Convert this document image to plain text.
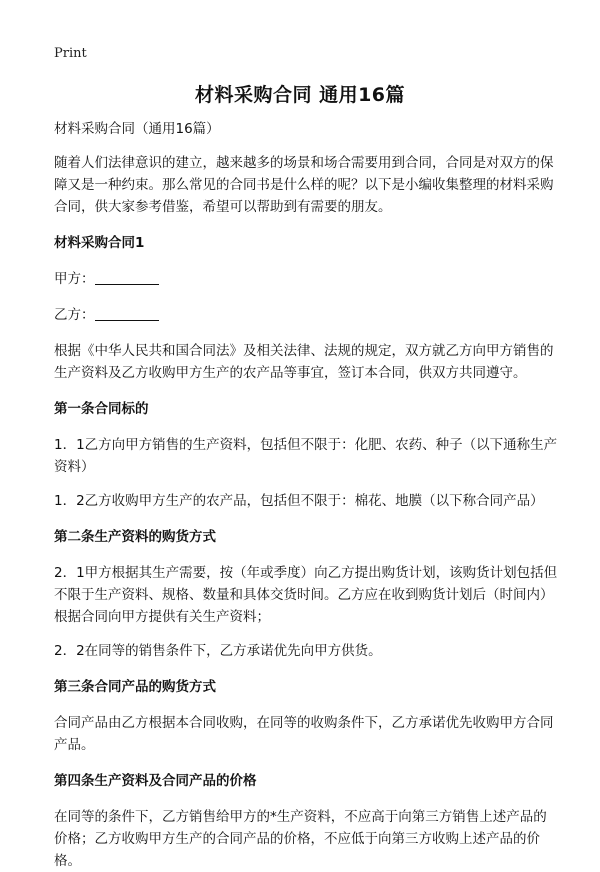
Print
材料采购合同 通用16篇

材料采购合同（通用16篇）

随着人们法律意识的建立，越来越多的场景和场合需要用到合同，合同是对双方的保障又是一种约束。那么常见的合同书是什么样的呢？以下是小编收集整理的材料采购合同，供大家参考借鉴，希望可以帮助到有需要的朋友。

材料采购合同1

甲方：

乙方：

根据《中华人民共和国合同法》及相关法律、法规的规定，双方就乙方向甲方销售的生产资料及乙方收购甲方生产的农产品等事宜，签订本合同，供双方共同遵守。

第一条合同标的

1．1乙方向甲方销售的生产资料，包括但不限于：化肥、农药、种子（以下通称生产资料）

1．2乙方收购甲方生产的农产品，包括但不限于：棉花、地膜（以下称合同产品）

第二条生产资料的购货方式

2．1甲方根据其生产需要，按（年或季度）向乙方提出购货计划，该购货计划包括但不限于生产资料、规格、数量和具体交货时间。乙方应在收到购货计划后（时间内）根据合同向甲方提供有关生产资料；

2．2在同等的销售条件下，乙方承诺优先向甲方供货。

第三条合同产品的购货方式

合同产品由乙方根据本合同收购，在同等的收购条件下，乙方承诺优先收购甲方合同产品。

第四条生产资料及合同产品的价格

在同等的条件下，乙方销售给甲方的*生产资料，不应高于向第三方销售上述产品的价格；乙方收购甲方生产的合同产品的价格，不应低于向第三方收购上述产品的价格。
